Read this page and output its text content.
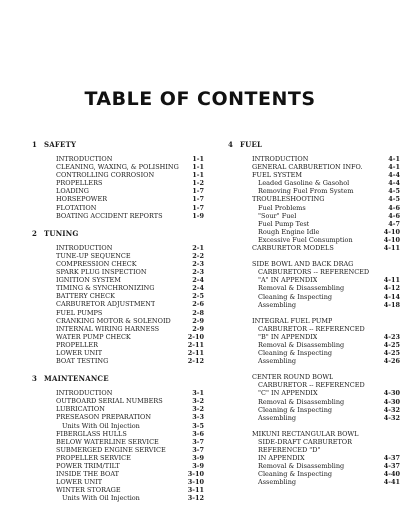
TABLE OF CONTENTS
1 SAFETY
INTRODUCTION	1-1
CLEANING, WAXING, & POLISHING	1-1
CONTROLLING CORROSION	1-1
PROPELLERS	1-2
LOADING	1-7
HORSEPOWER	1-7
FLOTATION	1-7
BOATING ACCIDENT REPORTS	1-9
2 TUNING
INTRODUCTION	2-1
TUNE-UP SEQUENCE	2-2
COMPRESSION CHECK	2-3
SPARK PLUG INSPECTION	2-3
IGNITION SYSTEM	2-4
TIMING & SYNCHRONIZING	2-4
BATTERY CHECK	2-5
CARBURETOR ADJUSTMENT	2-6
FUEL PUMPS	2-8
CRANKING MOTOR & SOLENOID	2-9
INTERNAL WIRING HARNESS	2-9
WATER PUMP CHECK	2-10
PROPELLER	2-11
LOWER UNIT	2-11
BOAT TESTING	2-12
3 MAINTENANCE
INTRODUCTION	3-1
OUTBOARD SERIAL NUMBERS	3-2
LUBRICATION	3-2
PRESEASON PREPARATION	3-3
Units With Oil Injection	3-5
FIBERGLASS HULLS	3-6
BELOW WATERLINE SERVICE	3-7
SUBMERGED ENGINE SERVICE	3-7
PROPELLER SERVICE	3-9
POWER TRIM/TILT	3-9
INSIDE THE BOAT	3-10
LOWER UNIT	3-10
WINTER STORAGE	3-11
Units With Oil Injection	3-12
4 FUEL
INTRODUCTION	4-1
GENERAL CARBURETION INFO.	4-1
FUEL SYSTEM	4-4
Leaded Gasoline & Gasohol	4-4
Removing Fuel From System	4-5
TROUBLESHOOTING	4-5
Fuel Problems	4-6
"Sour" Fuel	4-6
Fuel Pump Test	4-7
Rough Engine Idle	4-10
Excessive Fuel Consumption	4-10
CARBURETOR MODELS	4-11
SIDE BOWL AND BACK DRAG
CARBURETORS -- REFERENCED
"A" IN APPENDIX	4-11
Removal & Disassembling	4-12
Cleaning & Inspecting	4-14
Assembling	4-18
INTEGRAL FUEL PUMP
CARBURETOR -- REFERENCED
"B" IN APPENDIX	4-23
Removal & Disassembling	4-25
Cleaning & Inspecting	4-25
Assembling	4-26
CENTER ROUND BOWL
CARBURETOR -- REFERENCED
"C" IN APPENDIX	4-30
Removal & Disassembling	4-30
Cleaning & Inspecting	4-32
Assembling	4-32
MIKUNI RECTANGULAR BOWL
SIDE-DRAFT CARBURETOR
REFERENCED "D"
IN APPENDIX	4-37
Removal & Disassembling	4-37
Cleaning & Inspecting	4-40
Assembling	4-41
